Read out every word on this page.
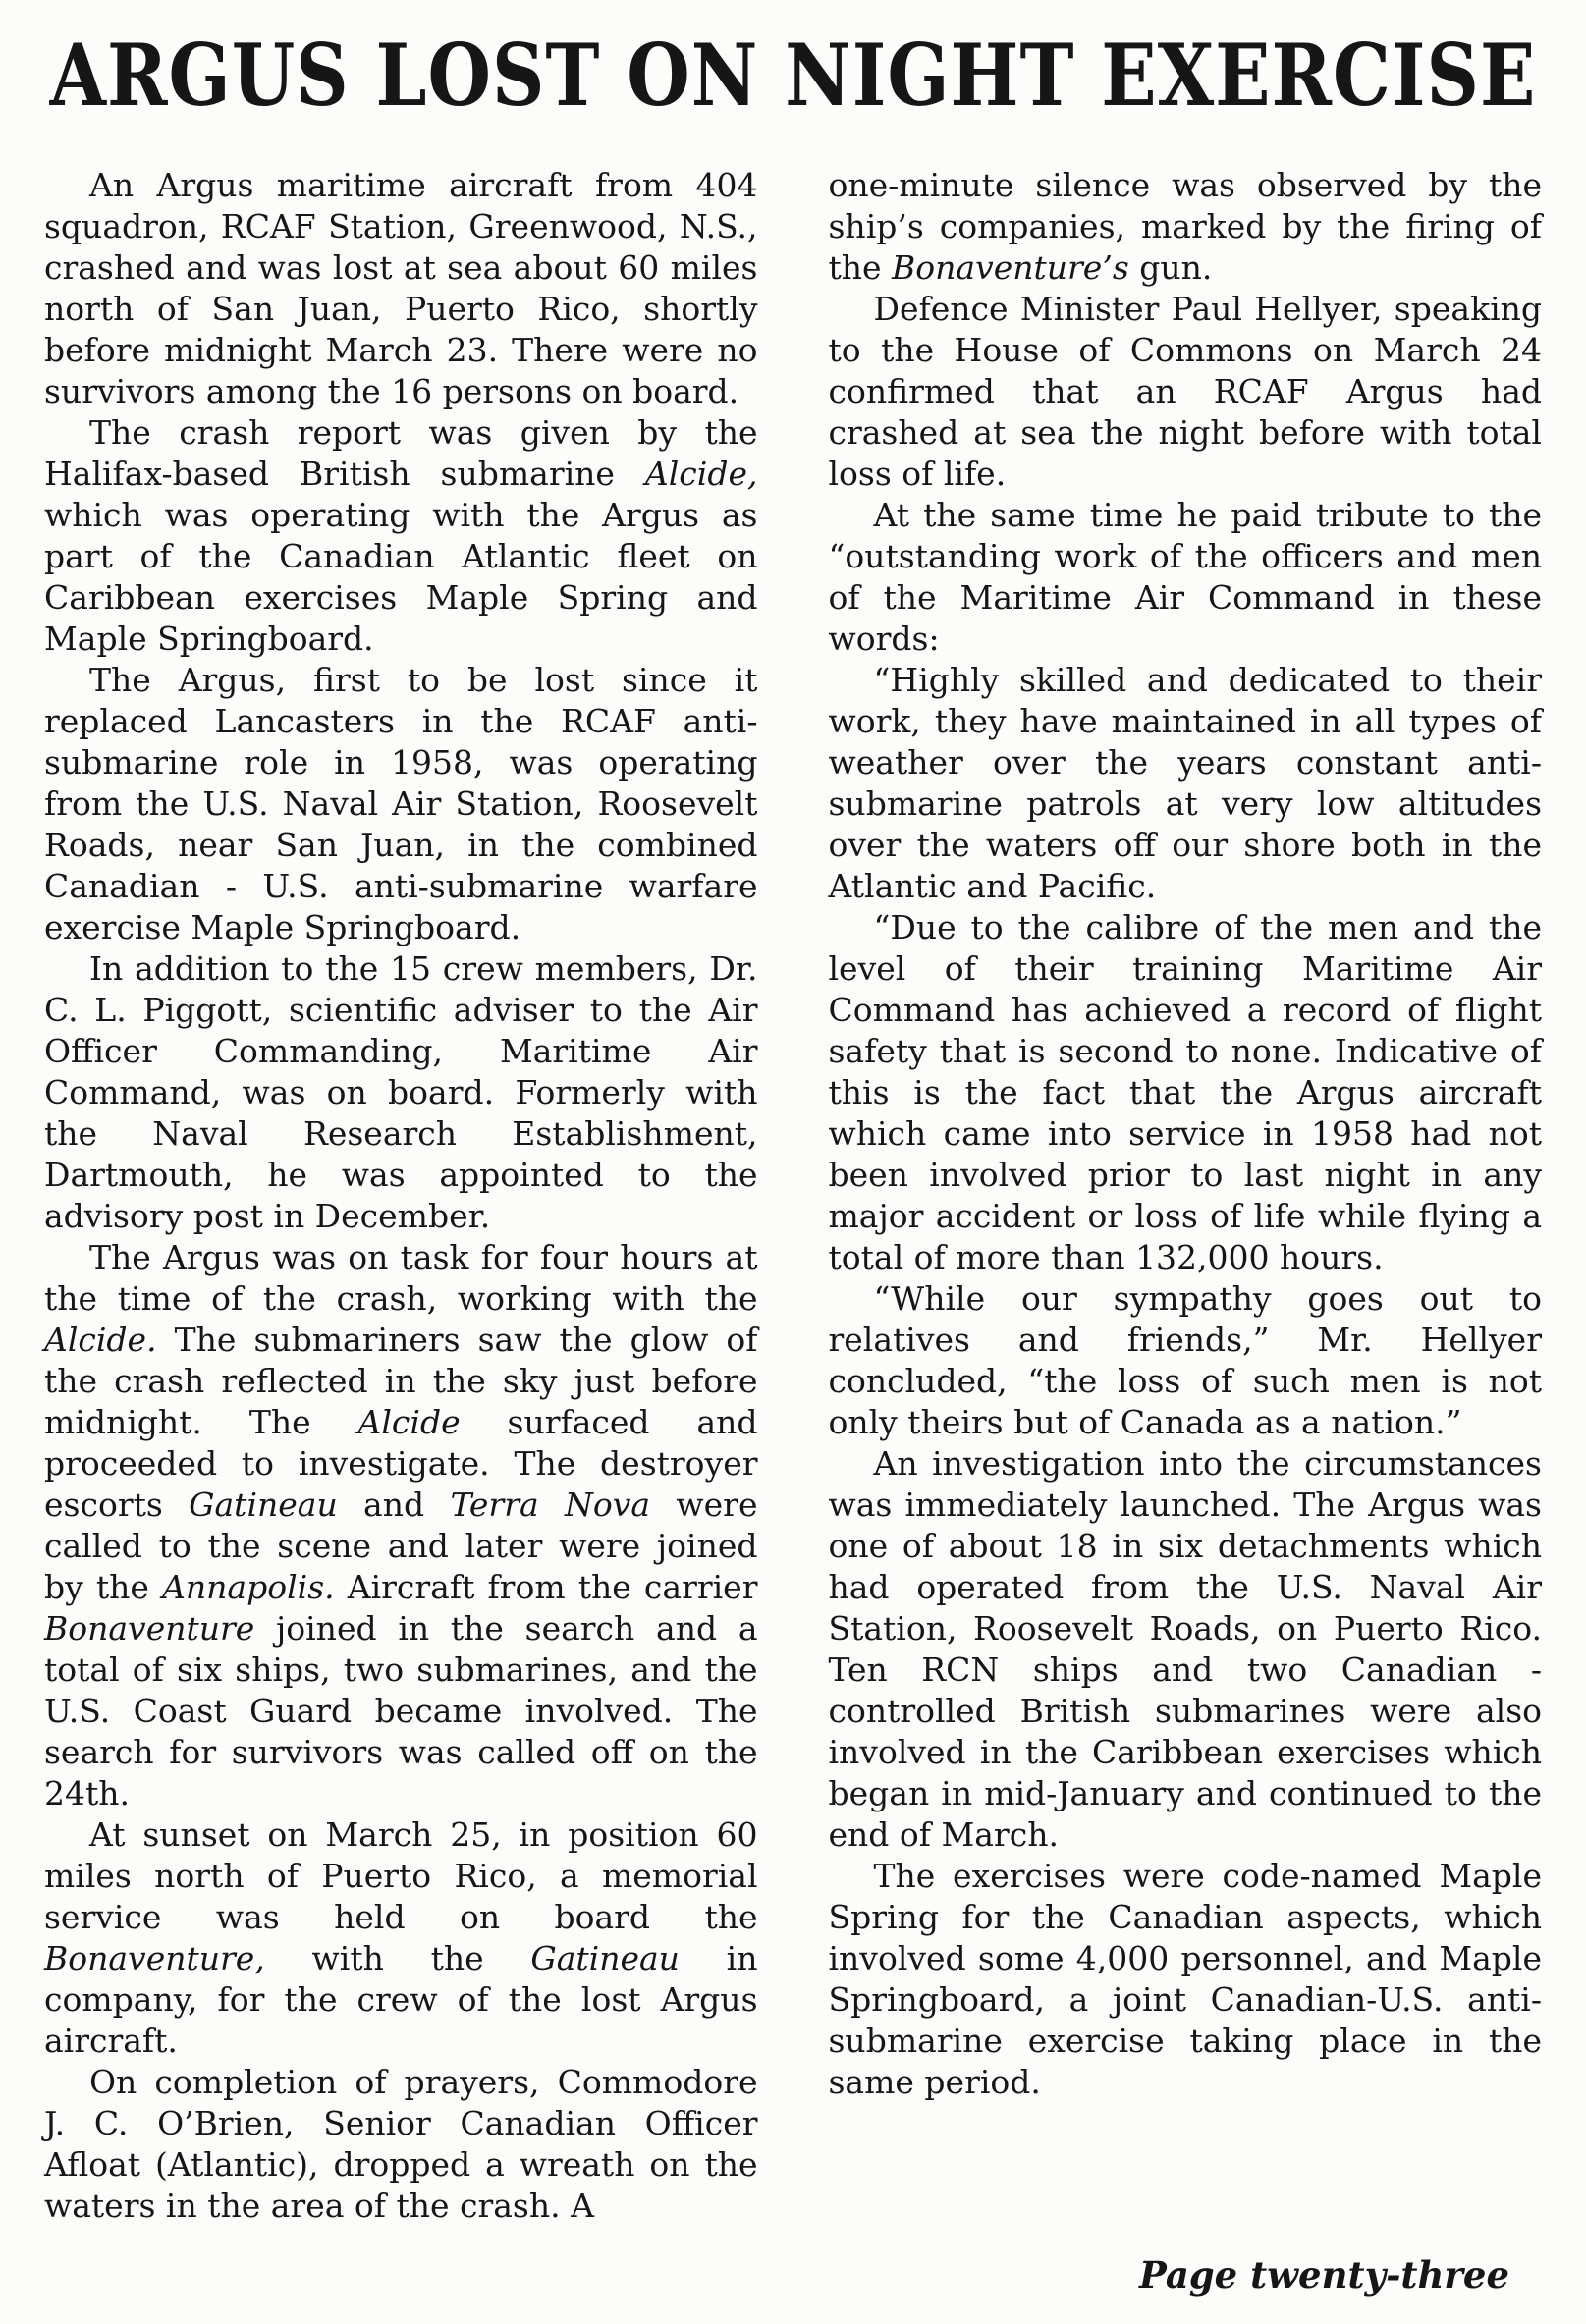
ARGUS LOST ON NIGHT EXERCISE

An Argus maritime aircraft from 404 squadron, RCAF Station, Greenwood, N.S., crashed and was lost at sea about 60 miles north of San Juan, Puerto Rico, shortly before midnight March 23. There were no survivors among the 16 persons on board.

The crash report was given by the Halifax-based British submarine Alcide, which was operating with the Argus as part of the Canadian Atlantic fleet on Caribbean exercises Maple Spring and Maple Springboard.

The Argus, first to be lost since it replaced Lancasters in the RCAF anti-submarine role in 1958, was operating from the U.S. Naval Air Station, Roosevelt Roads, near San Juan, in the combined Canadian - U.S. anti-submarine warfare exercise Maple Springboard.

In addition to the 15 crew members, Dr. C. L. Piggott, scientific adviser to the Air Officer Commanding, Maritime Air Command, was on board. Formerly with the Naval Research Establishment, Dartmouth, he was appointed to the advisory post in December.

The Argus was on task for four hours at the time of the crash, working with the Alcide. The submariners saw the glow of the crash reflected in the sky just before midnight. The Alcide surfaced and proceeded to investigate. The destroyer escorts Gatineau and Terra Nova were called to the scene and later were joined by the Annapolis. Aircraft from the carrier Bonaventure joined in the search and a total of six ships, two submarines, and the U.S. Coast Guard became involved. The search for survivors was called off on the 24th.

At sunset on March 25, in position 60 miles north of Puerto Rico, a memorial service was held on board the Bonaventure, with the Gatineau in company, for the crew of the lost Argus aircraft.

On completion of prayers, Commodore J. C. O’Brien, Senior Canadian Officer Afloat (Atlantic), dropped a wreath on the waters in the area of the crash. A

one-minute silence was observed by the ship’s companies, marked by the firing of the Bonaventure’s gun.

Defence Minister Paul Hellyer, speaking to the House of Commons on March 24 confirmed that an RCAF Argus had crashed at sea the night before with total loss of life.

At the same time he paid tribute to the “outstanding work of the officers and men of the Maritime Air Command in these words:

“Highly skilled and dedicated to their work, they have maintained in all types of weather over the years constant anti-submarine patrols at very low altitudes over the waters off our shore both in the Atlantic and Pacific.

“Due to the calibre of the men and the level of their training Maritime Air Command has achieved a record of flight safety that is second to none. Indicative of this is the fact that the Argus aircraft which came into service in 1958 had not been involved prior to last night in any major accident or loss of life while flying a total of more than 132,000 hours.

“While our sympathy goes out to relatives and friends,” Mr. Hellyer concluded, “the loss of such men is not only theirs but of Canada as a nation.”

An investigation into the circumstances was immediately launched. The Argus was one of about 18 in six detachments which had operated from the U.S. Naval Air Station, Roosevelt Roads, on Puerto Rico. Ten RCN ships and two Canadian - controlled British submarines were also involved in the Caribbean exercises which began in mid-January and continued to the end of March.

The exercises were code-named Maple Spring for the Canadian aspects, which involved some 4,000 personnel, and Maple Springboard, a joint Canadian-U.S. anti-submarine exercise taking place in the same period.

Page twenty-three
